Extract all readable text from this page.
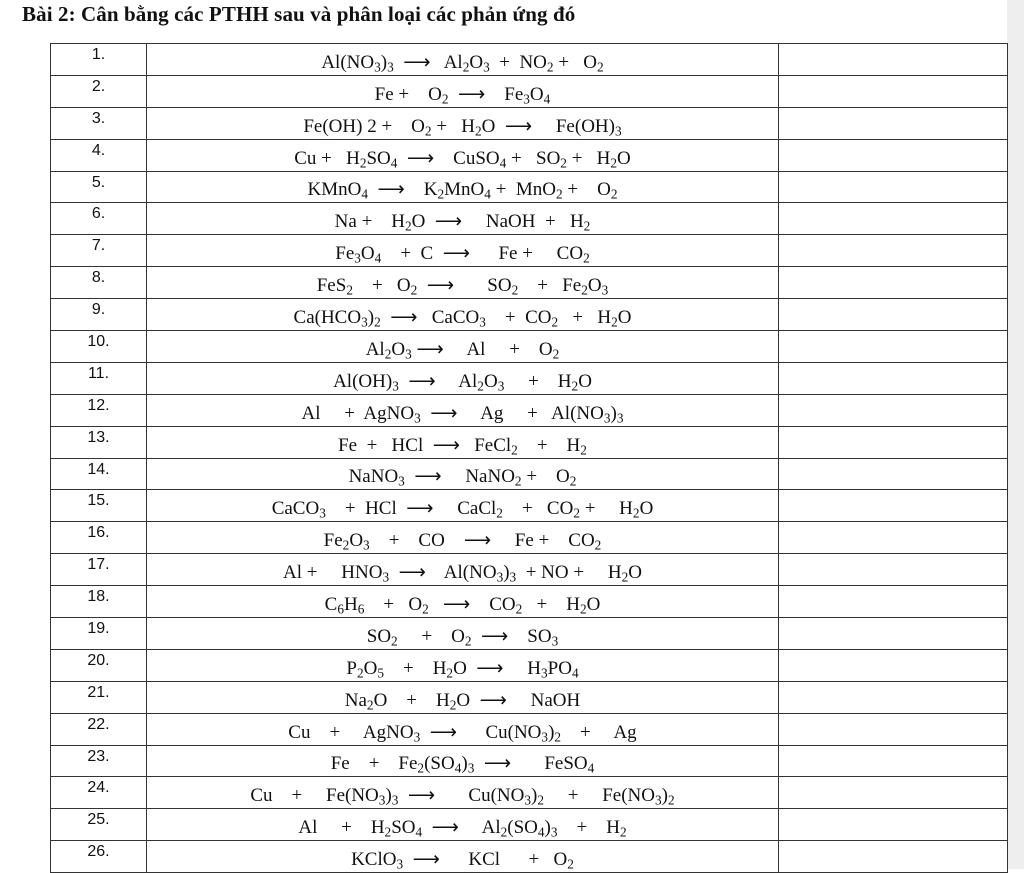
Bài 2: Cân bằng các PTHH sau và phân loại các phản ứng đó
1.	$Al(NO_3)_3$  ⟶   $Al_2O_3 + NO_2 + O_2$	
2.	Fe +    $O_2$  ⟶    $Fe_3O_4$	
3.	Fe(OH) 2 +    $O_2 + H_2O$  ⟶     $Fe(OH)_3$	
4.	$Cu + H_2SO_4$  ⟶    CuSO$_4$ +   $SO_2 + H_2O$	
5.	KMnO$_4$  ⟶    $K_2MnO_4 + MnO_2$ +    $O_2$	
6.	Na +    $H_2O$  ⟶     NaOH  +   $H_2$	
7.	$Fe_3O_4$    +  C  ⟶      Fe +     $CO_2$	
8.	FeS$_2$    +   $O_2$  ⟶       $SO_2$    +   $Fe_2O_3$	
9.	$Ca(HCO_3)_2$  ⟶   CaCO$_3$    +  $CO_2 + H_2O$	
10.	$Al_2O_3$ ⟶     Al     +    $O_2$	
11.	$Al(OH)_3$  ⟶     $Al_2O_3$     +    $H_2O$	
12.	Al     +  AgNO$_3$  ⟶     Ag     +   $Al(NO_3)_3$	
13.	Fe  +   HCl  ⟶   FeCl$_2$    +    $H_2$	
14.	NaNO$_3$  ⟶     NaNO$_2$ +    $O_2$	
15.	CaCO$_3$    +  HCl  ⟶     CaCl$_2$    +   $CO_2$ +     $H_2O$	
16.	$Fe_2O_3$    +    CO    ⟶     Fe +    $CO_2$	
17.	Al +     $HNO_3$  ⟶    $Al(NO_3)_3$  + NO +     $H_2O$	
18.	$C_6H_6$    +   $O_2$   ⟶    $CO_2$   +    $H_2O$	
19.	$SO_2$     +    $O_2$  ⟶    $SO_3$	
20.	$P_2O_5$    +    $H_2O$  ⟶     $H_3PO_4$	
21.	$Na_2O$    +    $H_2O$  ⟶     NaOH	
22.	Cu    +     AgNO$_3$  ⟶      $Cu(NO_3)_2$    +     Ag	
23.	Fe    +    $Fe_2(SO_4)_3$  ⟶       FeSO$_4$	
24.	Cu    +     $Fe(NO_3)_3$  ⟶       $Cu(NO_3)_2$     +     $Fe(NO_3)_2$	
25.	Al     +    $H_2SO_4$  ⟶     $Al_2(SO_4)_3$    +    $H_2$	
26.	KClO$_3$  ⟶      KCl      +   $O_2$	
